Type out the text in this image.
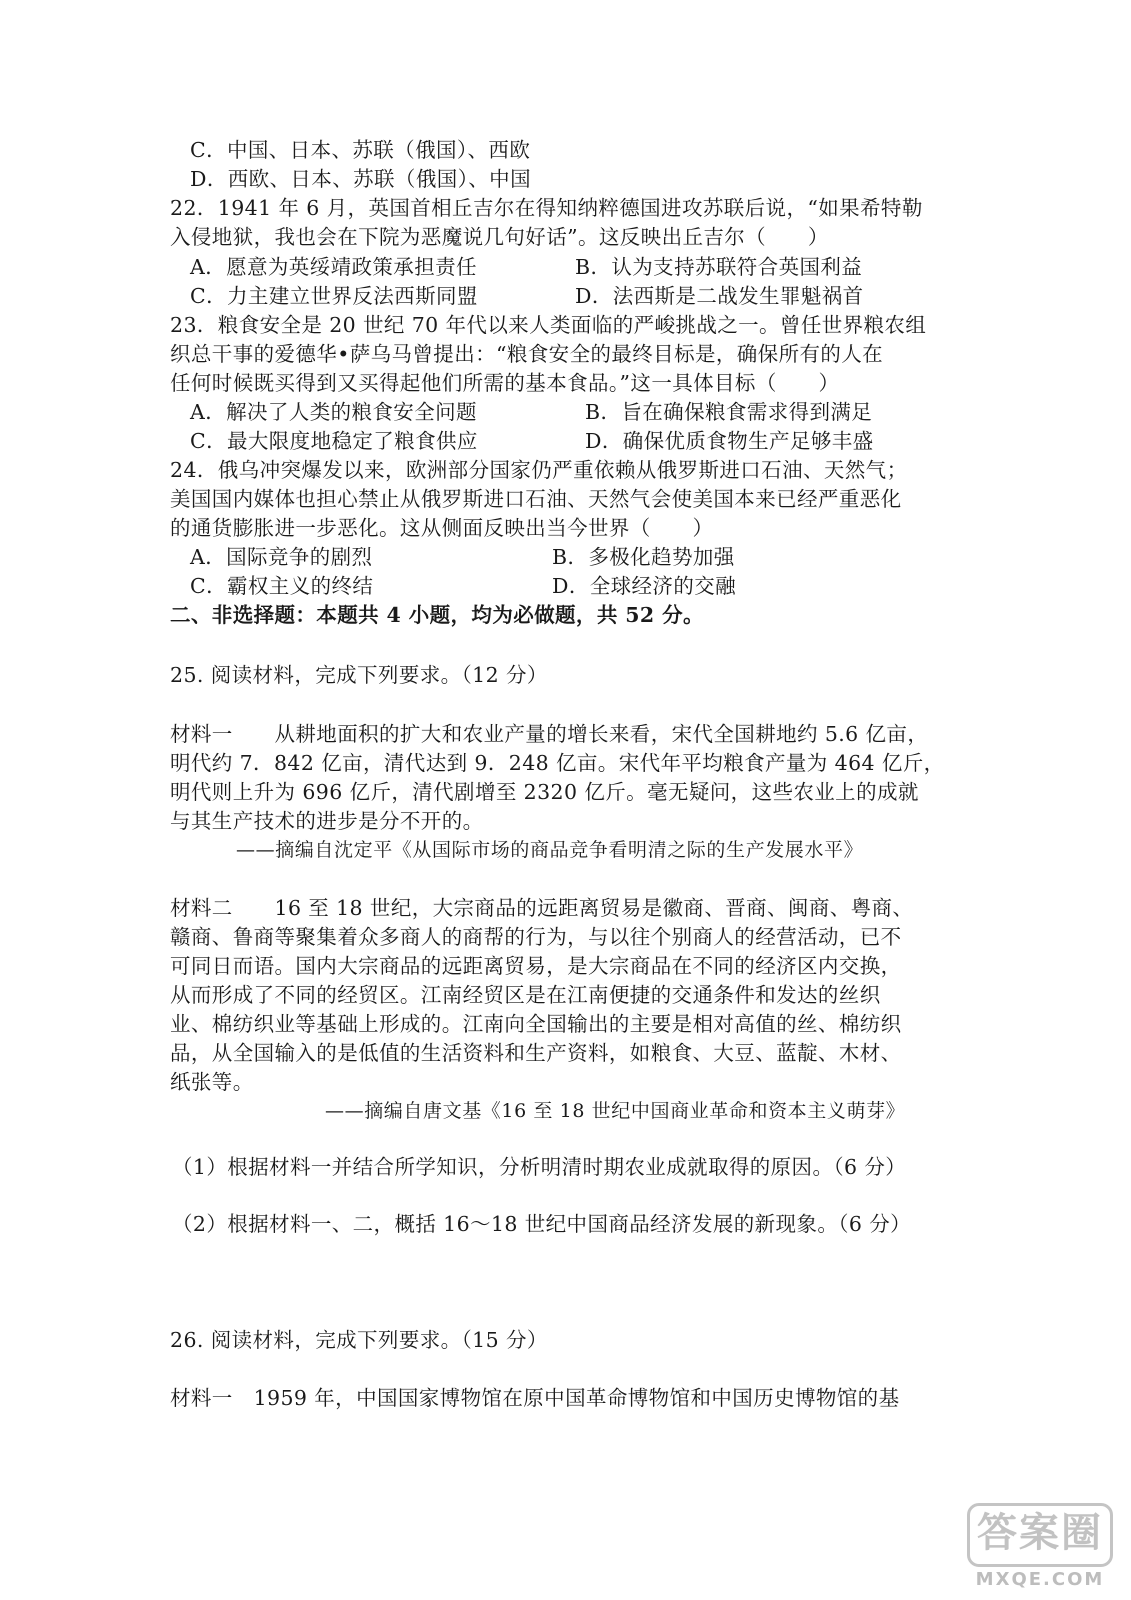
C．中国、日本、苏联（俄国）、西欧
D．西欧、日本、苏联（俄国）、中国
22．1941 年 6 月，英国首相丘吉尔在得知纳粹德国进攻苏联后说，“如果希特勒
入侵地狱，我也会在下院为恶魔说几句好话”。这反映出丘吉尔（　　）
A．愿意为英绥靖政策承担责任	B．认为支持苏联符合英国利益
C．力主建立世界反法西斯同盟	D．法西斯是二战发生罪魁祸首
23．粮食安全是 20 世纪 70 年代以来人类面临的严峻挑战之一。曾任世界粮农组
织总干事的爱德华•萨乌马曾提出：“粮食安全的最终目标是，确保所有的人在
任何时候既买得到又买得起他们所需的基本食品。”这一具体目标（　　）
A．解决了人类的粮食安全问题	B．旨在确保粮食需求得到满足
C．最大限度地稳定了粮食供应	D．确保优质食物生产足够丰盛
24．俄乌冲突爆发以来，欧洲部分国家仍严重依赖从俄罗斯进口石油、天然气；
美国国内媒体也担心禁止从俄罗斯进口石油、天然气会使美国本来已经严重恶化
的通货膨胀进一步恶化。这从侧面反映出当今世界（　　）
A．国际竞争的剧烈	B．多极化趋势加强
C．霸权主义的终结	D．全球经济的交融
二、非选择题：本题共 4 小题，均为必做题，共 52 分。
25. 阅读材料，完成下列要求。（12 分）
材料一　　从耕地面积的扩大和农业产量的增长来看，宋代全国耕地约 5.6 亿亩，
明代约 7．842 亿亩，清代达到 9．248 亿亩。宋代年平均粮食产量为 464 亿斤，
明代则上升为 696 亿斤，清代剧增至 2320 亿斤。毫无疑问，这些农业上的成就
与其生产技术的进步是分不开的。
——摘编自沈定平《从国际市场的商品竞争看明清之际的生产发展水平》
材料二　　16 至 18 世纪，大宗商品的远距离贸易是徽商、晋商、闽商、粤商、
赣商、鲁商等聚集着众多商人的商帮的行为，与以往个别商人的经营活动，已不
可同日而语。国内大宗商品的远距离贸易，是大宗商品在不同的经济区内交换，
从而形成了不同的经贸区。江南经贸区是在江南便捷的交通条件和发达的丝织
业、棉纺织业等基础上形成的。江南向全国输出的主要是相对高值的丝、棉纺织
品，从全国输入的是低值的生活资料和生产资料，如粮食、大豆、蓝靛、木材、
纸张等。
——摘编自唐文基《16 至 18 世纪中国商业革命和资本主义萌芽》
（1）根据材料一并结合所学知识，分析明清时期农业成就取得的原因。（6 分）
（2）根据材料一、二，概括 16～18 世纪中国商品经济发展的新现象。（6 分）
26. 阅读材料，完成下列要求。（15 分）
材料一　1959 年，中国国家博物馆在原中国革命博物馆和中国历史博物馆的基
答案圈
MXQE.COM
